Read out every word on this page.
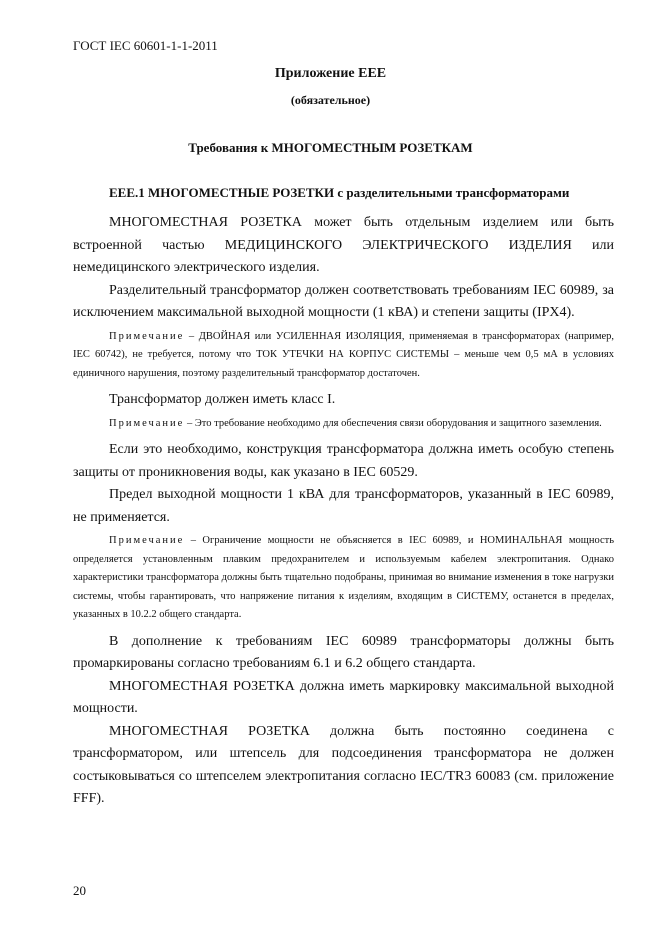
ГОСТ IEC 60601-1-1-2011
Приложение EEE
(обязательное)
Требования к МНОГОМЕСТНЫМ РОЗЕТКАМ

EEE.1 МНОГОМЕСТНЫЕ РОЗЕТКИ с разделительными трансформаторами

МНОГОМЕСТНАЯ РОЗЕТКА может быть отдельным изделием или быть встроенной частью МЕДИЦИНСКОГО ЭЛЕКТРИЧЕСКОГО ИЗДЕЛИЯ или немедицинского электрического изделия.

Разделительный трансформатор должен соответствовать требованиям IEC 60989, за исключением максимальной выходной мощности (1 кВА) и степени защиты (IPX4).

Примечание – ДВОЙНАЯ или УСИЛЕННАЯ ИЗОЛЯЦИЯ, применяемая в трансформаторах (например, IEC 60742), не требуется, потому что ТОК УТЕЧКИ НА КОРПУС СИСТЕМЫ – меньше чем 0,5 мА в условиях единичного нарушения, поэтому разделительный трансформатор достаточен.

Трансформатор должен иметь класс I.

Примечание – Это требование необходимо для обеспечения связи оборудования и защитного заземления.

Если это необходимо, конструкция трансформатора должна иметь особую степень защиты от проникновения воды, как указано в IEC 60529.

Предел выходной мощности 1 кВА для трансформаторов, указанный в IEC 60989, не применяется.

Примечание – Ограничение мощности не объясняется в IEC 60989, и НОМИНАЛЬНАЯ мощность определяется установленным плавким предохранителем и используемым кабелем электропитания. Однако характеристики трансформатора должны быть тщательно подобраны, принимая во внимание изменения в токе нагрузки системы, чтобы гарантировать, что напряжение питания к изделиям, входящим в СИСТЕМУ, останется в пределах, указанных в 10.2.2 общего стандарта.

В дополнение к требованиям IEC 60989 трансформаторы должны быть промаркированы согласно требованиям 6.1 и 6.2 общего стандарта.

МНОГОМЕСТНАЯ РОЗЕТКА должна иметь маркировку максимальной выходной мощности.

МНОГОМЕСТНАЯ РОЗЕТКА должна быть постоянно соединена с трансформатором, или штепсель для подсоединения трансформатора не должен состыковываться со штепселем электропитания согласно IEC/TR3 60083 (см. приложение FFF).

20
